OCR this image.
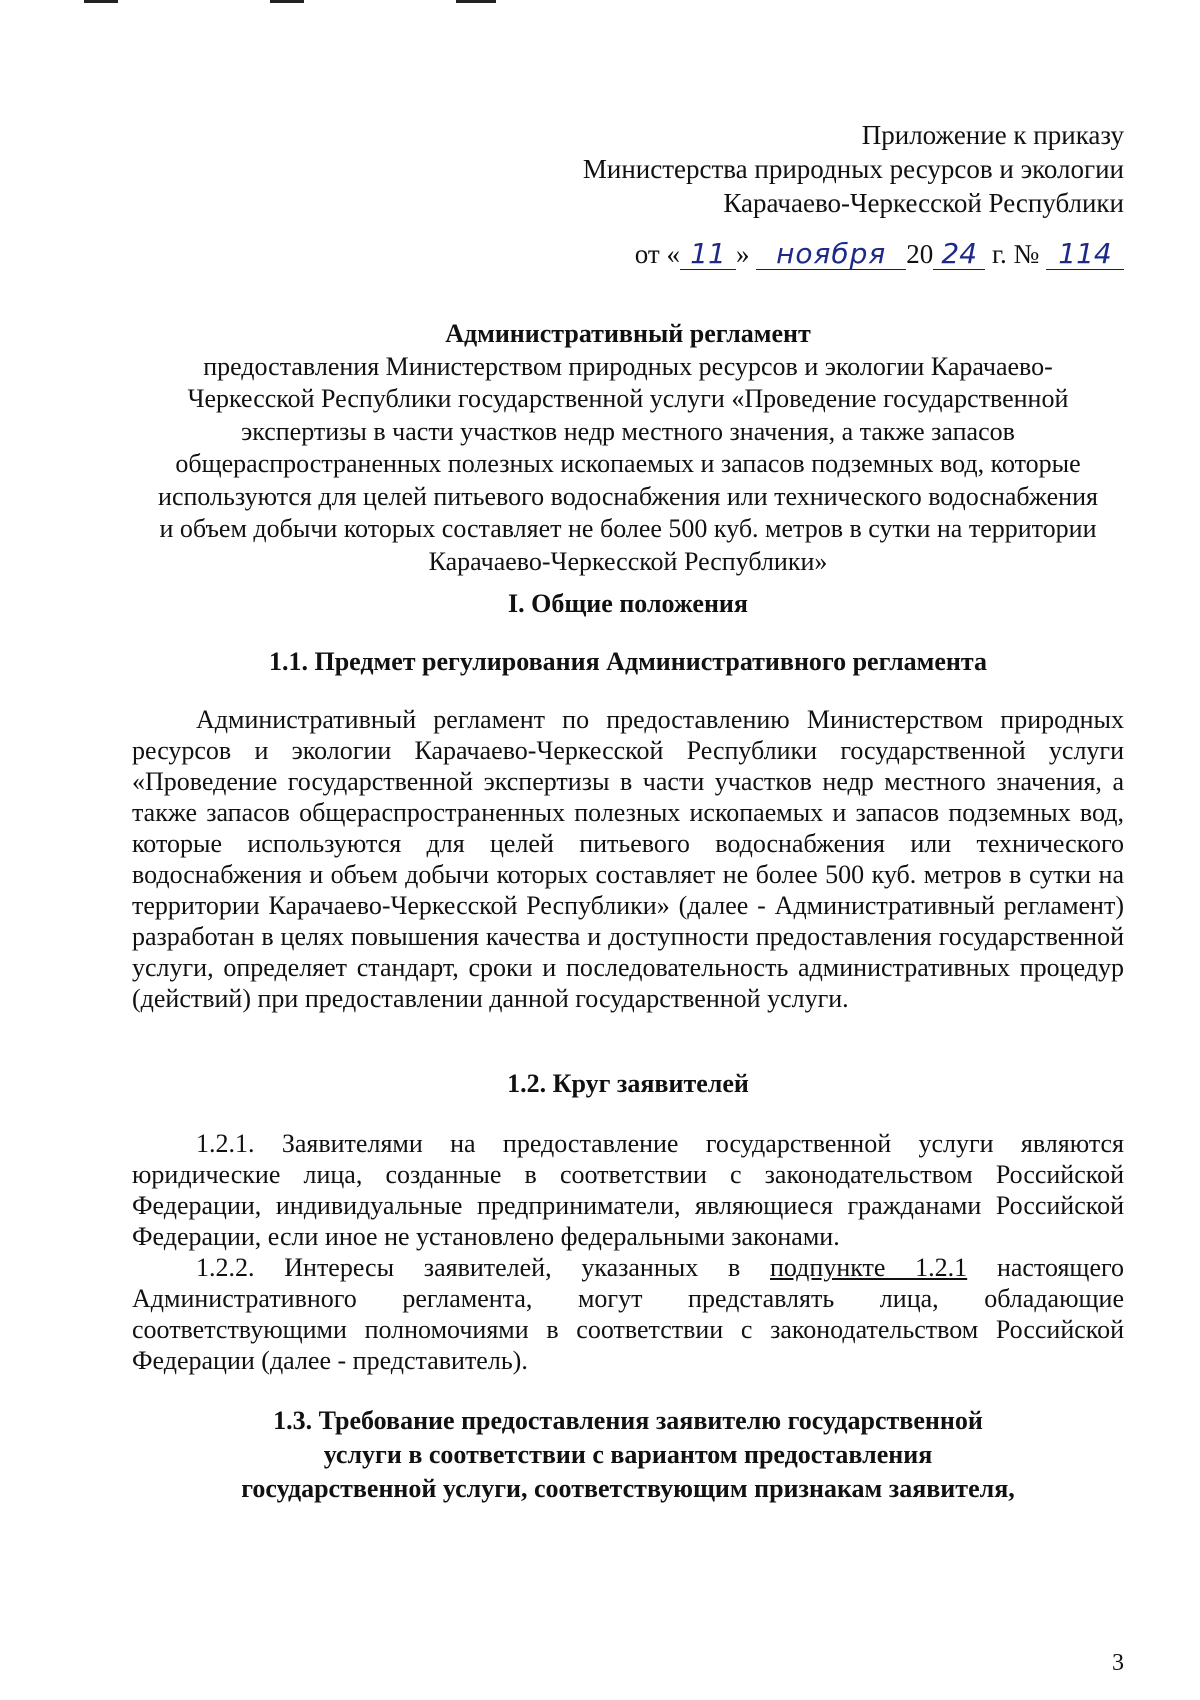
Приложение к приказу
Министерства природных ресурсов и экологии
Карачаево-Черкесской Республики
от « 11 » ноября 20 24 г. № 114
Административный регламент
предоставления Министерством природных ресурсов и экологии Карачаево-Черкесской Республики государственной услуги «Проведение государственной экспертизы в части участков недр местного значения, а также запасов общераспространенных полезных ископаемых и запасов подземных вод, которые используются для целей питьевого водоснабжения или технического водоснабжения и объем добычи которых составляет не более 500 куб. метров в сутки на территории Карачаево-Черкесской Республики»
I. Общие положения
1.1. Предмет регулирования Административного регламента
Административный регламент по предоставлению Министерством природных ресурсов и экологии Карачаево-Черкесской Республики государственной услуги «Проведение государственной экспертизы в части участков недр местного значения, а также запасов общераспространенных полезных ископаемых и запасов подземных вод, которые используются для целей питьевого водоснабжения или технического водоснабжения и объем добычи которых составляет не более 500 куб. метров в сутки на территории Карачаево-Черкесской Республики» (далее - Административный регламент) разработан в целях повышения качества и доступности предоставления государственной услуги, определяет стандарт, сроки и последовательность административных процедур (действий) при предоставлении данной государственной услуги.
1.2. Круг заявителей
1.2.1. Заявителями на предоставление государственной услуги являются юридические лица, созданные в соответствии с законодательством Российской Федерации, индивидуальные предприниматели, являющиеся гражданами Российской Федерации, если иное не установлено федеральными законами.
1.2.2. Интересы заявителей, указанных в подпункте 1.2.1 настоящего Административного регламента, могут представлять лица, обладающие соответствующими полномочиями в соответствии с законодательством Российской Федерации (далее - представитель).
1.3. Требование предоставления заявителю государственной
услуги в соответствии с вариантом предоставления
государственной услуги, соответствующим признакам заявителя,
3
